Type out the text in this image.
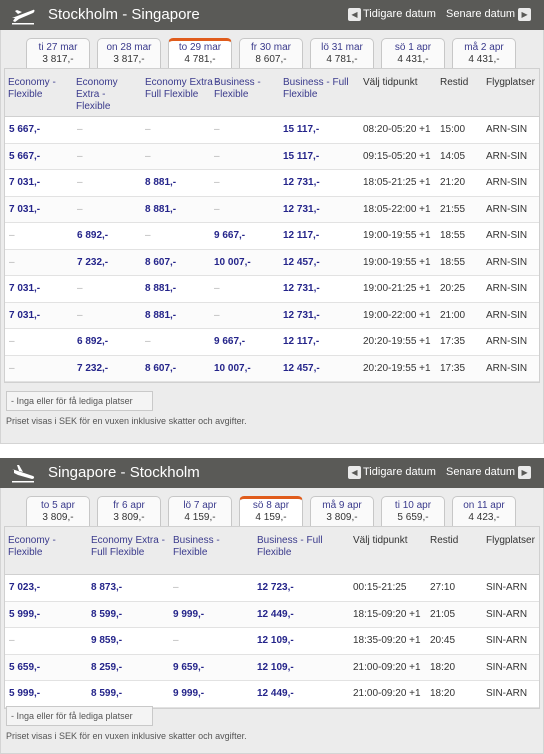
Stockholm - Singapore	◀ Tidigare datum Senare datum ▶
ti 27 mar
3 817,-
on 28 mar
3 817,-
to 29 mar
4 781,-
fr 30 mar
8 607,-
lö 31 mar
4 781,-
sö 1 apr
4 431,-
må 2 apr
4 431,-
Economy - Flexible
Economy Extra - Flexible
Economy Extra - Full Flexible
Business - Flexible
Business - Full Flexible
Välj tidpunkt Restid Flygplatser
5 667,-	–	–	–	15 117,-	08:20-05:20 +1 15:00 ARN-SIN
5 667,-	–	–	–	15 117,-	09:15-05:20 +1 14:05 ARN-SIN
7 031,-	–	8 881,-	–	12 731,-	18:05-21:25 +1 21:20 ARN-SIN
7 031,-	–	8 881,-	–	12 731,-	18:05-22:00 +1 21:55 ARN-SIN
–	6 892,-	–	9 667,-	12 117,-	19:00-19:55 +1 18:55 ARN-SIN
–	7 232,-	8 607,-	10 007,-	12 457,-	19:00-19:55 +1 18:55 ARN-SIN
7 031,-	–	8 881,-	–	12 731,-	19:00-21:25 +1 20:25 ARN-SIN
7 031,-	–	8 881,-	–	12 731,-	19:00-22:00 +1 21:00 ARN-SIN
–	6 892,-	–	9 667,-	12 117,-	20:20-19:55 +1 17:35 ARN-SIN
–	7 232,-	8 607,-	10 007,-	12 457,-	20:20-19:55 +1 17:35 ARN-SIN
- Inga eller för få lediga platser
Priset visas i SEK för en vuxen inklusive skatter och avgifter.
Singapore - Stockholm	◀ Tidigare datum Senare datum ▶
to 5 apr
3 809,-
fr 6 apr
3 809,-
lö 7 apr
4 159,-
sö 8 apr
4 159,-
må 9 apr
3 809,-
ti 10 apr
5 659,-
on 11 apr
4 423,-
Economy - Flexible
Economy Extra - Full Flexible
Business - Flexible
Business - Full Flexible
Välj tidpunkt Restid	Flygplatser
7 023,-	8 873,-	–	12 723,-	00:15-21:25 27:10	SIN-ARN
5 999,-	8 599,-	9 999,-	12 449,-	18:15-09:20 +1 21:05	SIN-ARN
–	9 859,-	–	12 109,-	18:35-09:20 +1 20:45	SIN-ARN
5 659,-	8 259,-	9 659,-	12 109,-	21:00-09:20 +1 18:20	SIN-ARN
5 999,-	8 599,-	9 999,-	12 449,-	21:00-09:20 +1 18:20	SIN-ARN
- Inga eller för få lediga platser
Priset visas i SEK för en vuxen inklusive skatter och avgifter.
